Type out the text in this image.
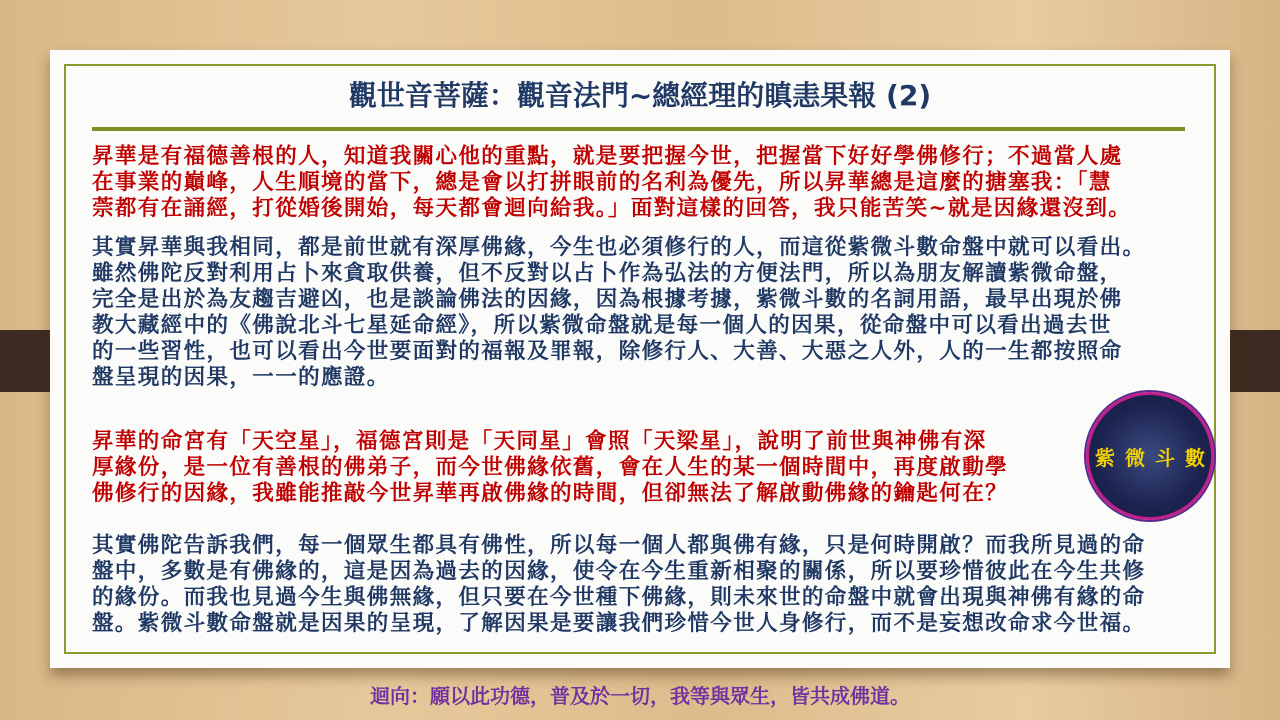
觀世音菩薩：觀音法門~總經理的瞋恚果報 (2)
昇華是有福德善根的人，知道我關心他的重點，就是要把握今世，把握當下好好學佛修行；不過當人處
在事業的巔峰，人生順境的當下，總是會以打拼眼前的名利為優先，所以昇華總是這麼的搪塞我：「慧
萗都有在誦經，打從婚後開始，每天都會迴向給我。」面對這樣的回答，我只能苦笑~就是因緣還沒到。
其實昇華與我相同，都是前世就有深厚佛緣，今生也必須修行的人，而這從紫微斗數命盤中就可以看出。
雖然佛陀反對利用占卜來貪取供養，但不反對以占卜作為弘法的方便法門，所以為朋友解讀紫微命盤，
完全是出於為友趨吉避凶，也是談論佛法的因緣，因為根據考據，紫微斗數的名詞用語，最早出現於佛
教大藏經中的《佛說北斗七星延命經》，所以紫微命盤就是每一個人的因果，從命盤中可以看出過去世
的一些習性，也可以看出今世要面對的福報及罪報，除修行人、大善、大惡之人外，人的一生都按照命
盤呈現的因果，一一的應證。
昇華的命宮有「天空星」，福德宮則是「天同星」會照「天梁星」，說明了前世與神佛有深
厚緣份，是一位有善根的佛弟子，而今世佛緣依舊，會在人生的某一個時間中，再度啟動學
佛修行的因緣，我雖能推敲今世昇華再啟佛緣的時間，但卻無法了解啟動佛緣的鑰匙何在？
其實佛陀告訴我們，每一個眾生都具有佛性，所以每一個人都與佛有緣，只是何時開啟？而我所見過的命
盤中，多數是有佛緣的，這是因為過去的因緣，使令在今生重新相聚的關係，所以要珍惜彼此在今生共修
的緣份。而我也見過今生與佛無緣，但只要在今世種下佛緣，則未來世的命盤中就會出現與神佛有緣的命
盤。紫微斗數命盤就是因果的呈現，了解因果是要讓我們珍惜今世人身修行，而不是妄想改命求今世福。
紫微斗數
迴向：願以此功德，普及於一切，我等與眾生，皆共成佛道。
